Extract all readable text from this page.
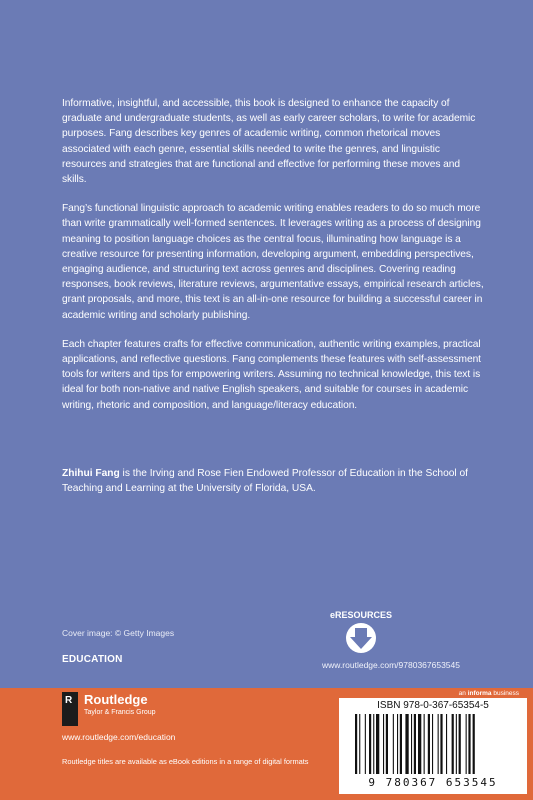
Informative, insightful, and accessible, this book is designed to enhance the capacity of graduate and undergraduate students, as well as early career scholars, to write for academic purposes. Fang describes key genres of academic writing, common rhetorical moves associated with each genre, essential skills needed to write the genres, and linguistic resources and strategies that are functional and effective for performing these moves and skills.

Fang’s functional linguistic approach to academic writing enables readers to do so much more than write grammatically well-formed sentences. It leverages writing as a process of designing meaning to position language choices as the central focus, illuminating how language is a creative resource for presenting information, developing argument, embedding perspectives, engaging audience, and structuring text across genres and disciplines. Covering reading responses, book reviews, literature reviews, argumentative essays, empirical research articles, grant proposals, and more, this text is an all-in-one resource for building a successful career in academic writing and scholarly publishing.

Each chapter features crafts for effective communication, authentic writing examples, practical applications, and reflective questions. Fang complements these features with self-assessment tools for writers and tips for empowering writers. Assuming no technical knowledge, this text is ideal for both non-native and native English speakers, and suitable for courses in academic writing, rhetoric and composition, and language/literacy education.

Zhihui Fang is the Irving and Rose Fien Endowed Professor of Education in the School of Teaching and Learning at the University of Florida, USA.
Cover image: © Getty Images
EDUCATION
eRESOURCES
www.routledge.com/9780367653545
an informa business
R Routledge
Taylor & Francis Group
www.routledge.com/education
Routledge titles are available as eBook editions in a range of digital formats
ISBN 978-0-367-65354-5
9 780367 653545
